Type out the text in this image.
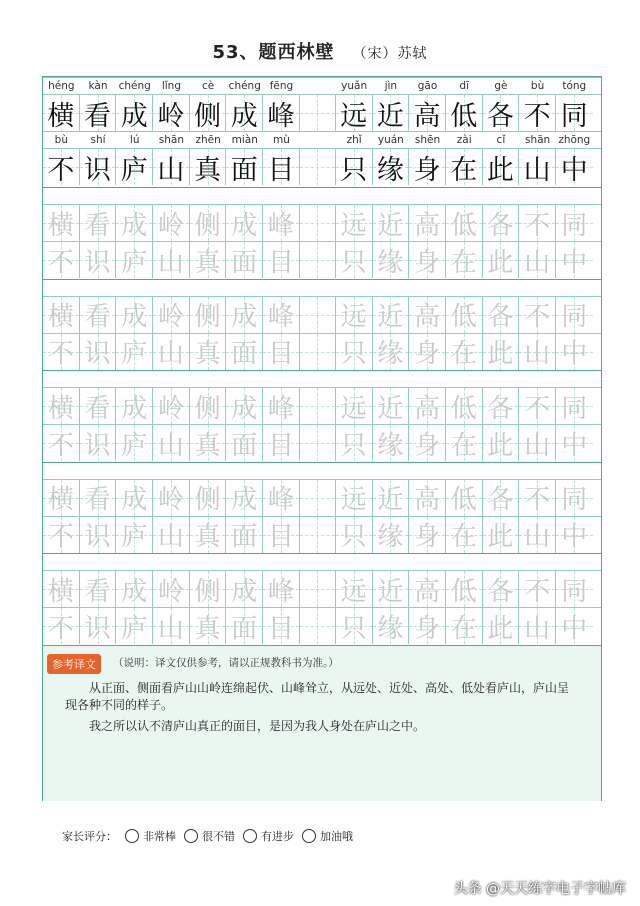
53、题西林壁 （宋）苏轼
héng	kàn	chéng	lǐng	cè	chéng fēng	yuǎn	jìn	gāo	dī	gè	bù	tóng
横 看 成 岭 侧 成 峰 远 近 高 低 各 不 同
bù	shí	lú	shān	zhēn	miàn	mù	zhǐ	yuán	shēn	zài	cǐ	shān zhōng
不 识 庐 山 真 面 目 只 缘 身 在 此 山 中
横 看 成 岭 侧 成 峰 远 近 高 低 各 不 同
不 识 庐 山 真 面 目 只 缘 身 在 此 山 中
横 看 成 岭 侧 成 峰 远 近 高 低 各 不 同
不 识 庐 山 真 面 目 只 缘 身 在 此 山 中
横 看 成 岭 侧 成 峰 远 近 高 低 各 不 同
不 识 庐 山 真 面 目 只 缘 身 在 此 山 中
横 看 成 岭 侧 成 峰 远 近 高 低 各 不 同
不 识 庐 山 真 面 目 只 缘 身 在 此 山 中
横 看 成 岭 侧 成 峰 远 近 高 低 各 不 同
不 识 庐 山 真 面 目 只 缘 身 在 此 山 中
参考译文	（说明：译文仅供参考，请以正规教科书为准。）
从正面、侧面看庐山山岭连绵起伏、山峰耸立，从远处、近处、高处、低处看庐山，庐山呈现各种不同的样子。
我之所以认不清庐山真正的面目，是因为我人身处在庐山之中。
家长评分： 非常棒 很不错 有进步 加油哦
头条 @天天练字电子字帖库
